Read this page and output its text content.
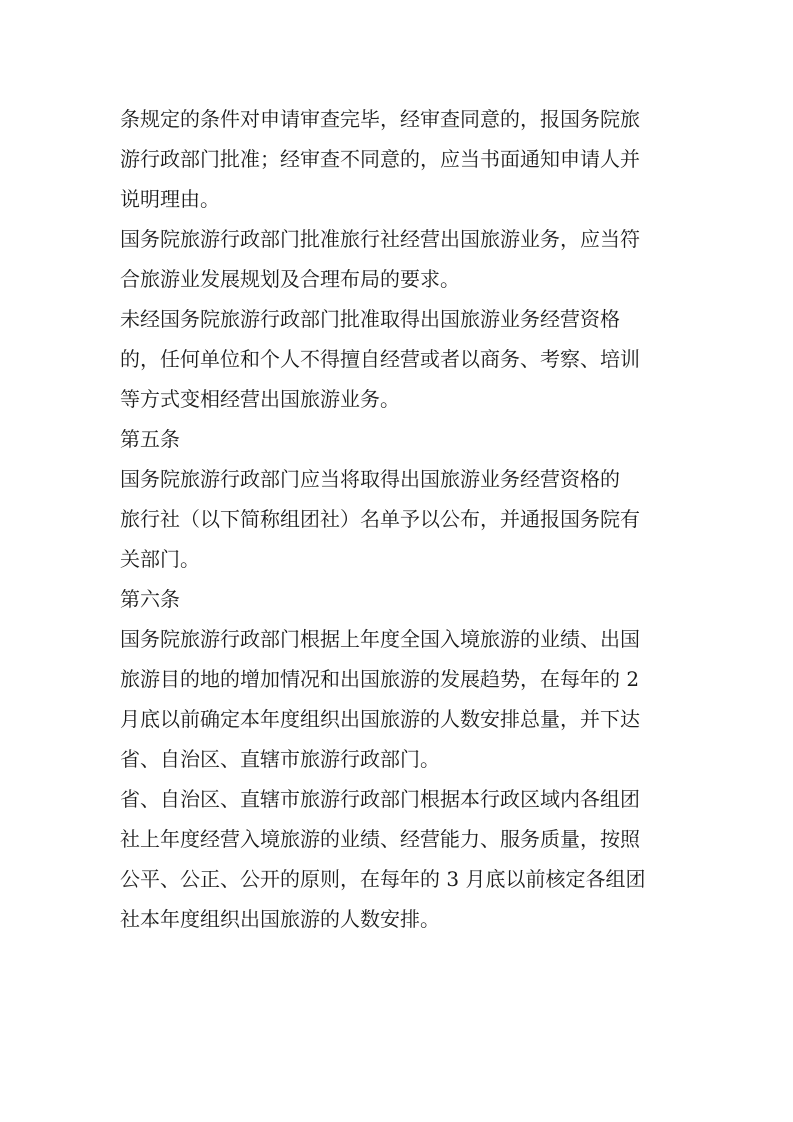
条规定的条件对申请审查完毕，经审查同意的，报国务院旅
游行政部门批准；经审查不同意的，应当书面通知申请人并
说明理由。
国务院旅游行政部门批准旅行社经营出国旅游业务，应当符
合旅游业发展规划及合理布局的要求。
未经国务院旅游行政部门批准取得出国旅游业务经营资格
的，任何单位和个人不得擅自经营或者以商务、考察、培训
等方式变相经营出国旅游业务。
第五条
国务院旅游行政部门应当将取得出国旅游业务经营资格的
旅行社（以下简称组团社）名单予以公布，并通报国务院有
关部门。
第六条
国务院旅游行政部门根据上年度全国入境旅游的业绩、出国
旅游目的地的增加情况和出国旅游的发展趋势，在每年的 2
月底以前确定本年度组织出国旅游的人数安排总量，并下达
省、自治区、直辖市旅游行政部门。
省、自治区、直辖市旅游行政部门根据本行政区域内各组团
社上年度经营入境旅游的业绩、经营能力、服务质量，按照
公平、公正、公开的原则，在每年的 3 月底以前核定各组团
社本年度组织出国旅游的人数安排。
